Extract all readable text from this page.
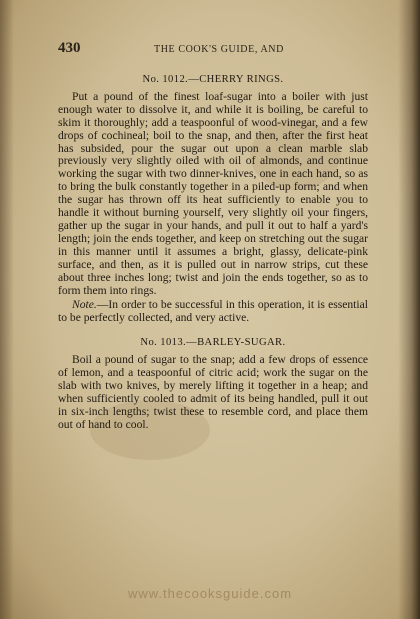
430	THE COOK'S GUIDE, AND
No. 1012.—CHERRY RINGS.

Put a pound of the finest loaf-sugar into a boiler with just enough water to dissolve it, and while it is boiling, be careful to skim it thoroughly; add a teaspoonful of wood-vinegar, and a few drops of cochineal; boil to the snap, and then, after the first heat has subsided, pour the sugar out upon a clean marble slab previously very slightly oiled with oil of almonds, and continue working the sugar with two dinner-knives, one in each hand, so as to bring the bulk constantly together in a piled-up form; and when the sugar has thrown off its heat sufficiently to enable you to handle it without burning yourself, very slightly oil your fingers, gather up the sugar in your hands, and pull it out to half a yard's length; join the ends together, and keep on stretching out the sugar in this manner until it assumes a bright, glassy, delicate-pink surface, and then, as it is pulled out in narrow strips, cut these about three inches long; twist and join the ends together, so as to form them into rings.

Note.—In order to be successful in this operation, it is essential to be perfectly collected, and very active.

No. 1013.—BARLEY-SUGAR.

Boil a pound of sugar to the snap; add a few drops of essence of lemon, and a teaspoonful of citric acid; work the sugar on the slab with two knives, by merely lifting it together in a heap; and when sufficiently cooled to admit of its being handled, pull it out in six-inch lengths; twist these to resemble cord, and place them out of hand to cool.

www.thecooksguide.com
